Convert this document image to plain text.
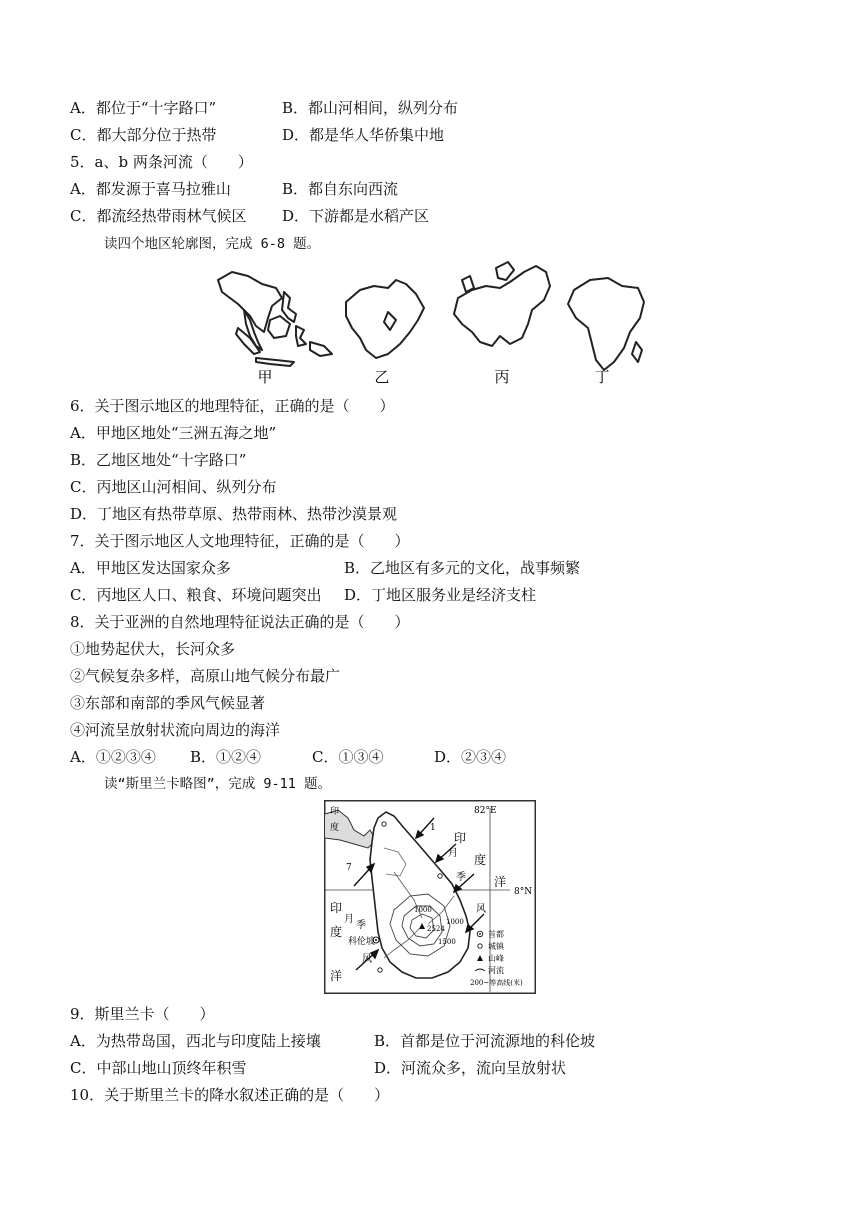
A．都位于“十字路口”	B．都山河相间，纵列分布
C．都大部分位于热带	D．都是华人华侨集中地
5．a、b 两条河流（　　）
A．都发源于喜马拉雅山	B．都自东向西流
C．都流经热带雨林气候区 D．下游都是水稻产区
读四个地区轮廓图，完成 6-8 题。
甲	乙	丙	丁
6．关于图示地区的地理特征，正确的是（　　）
A．甲地区地处“三洲五海之地”
B．乙地区地处“十字路口”
C．丙地区山河相间、纵列分布
D．丁地区有热带草原、热带雨林、热带沙漠景观
7．关于图示地区人文地理特征，正确的是（　　）
A．甲地区发达国家众多	B．乙地区有多元的文化，战事频繁
C．丙地区人口、粮食、环境问题突出 D．丁地区服务业是经济支柱
8．关于亚洲的自然地理特征说法正确的是（　　）
①地势起伏大，长河众多
②气候复杂多样，高原山地气候分布最广
③东部和南部的季风气候显著
④河流呈放射状流向周边的海洋
A．①②③④ B．①②④	C．①③④	D．②③④
读“斯里兰卡略图”，完成 9-11 题。
印
度
82°E
8°N
印
度
洋
印
度
洋
1
月
7
月
季
风
季
风
科伦坡
1000
1500
1000
2524
首都
城镇
山峰
河流
200~等高线(米)
9．斯里兰卡（　　）
A．为热带岛国，西北与印度陆上接壤	B．首都是位于河流源地的科伦坡
C．中部山地山顶终年积雪	D．河流众多，流向呈放射状
10．关于斯里兰卡的降水叙述正确的是（　　）
